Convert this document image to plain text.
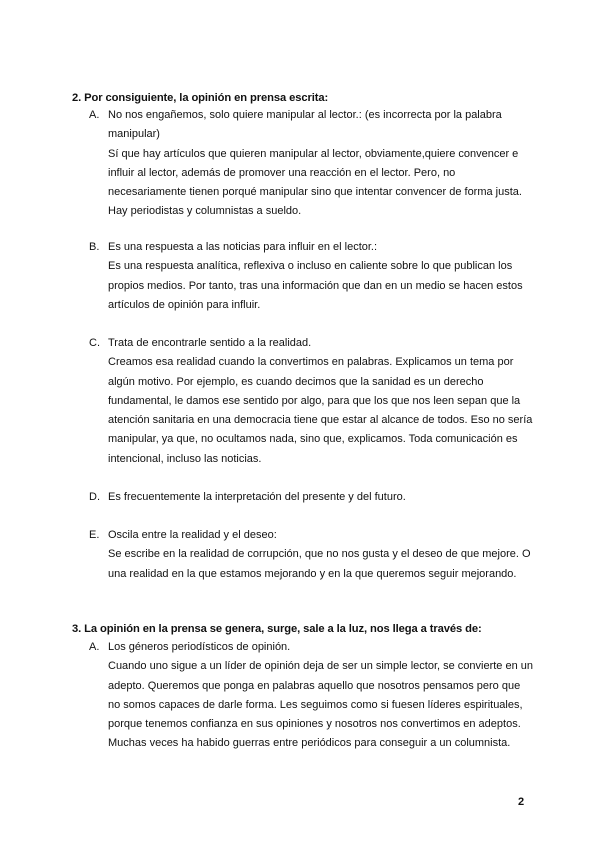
2. Por consiguiente, la opinión en prensa escrita:
A. No nos engañemos, solo quiere manipular al lector.: (es incorrecta por la palabra manipular)

Sí que hay artículos que quieren manipular al lector, obviamente,quiere convencer e influir al lector, además de promover una reacción en el lector. Pero, no necesariamente tienen porqué manipular sino que intentar convencer de forma justa. Hay periodistas y columnistas a sueldo.

B. Es una respuesta a las noticias para influir en el lector.:

Es una respuesta analítica, reflexiva o incluso en caliente sobre lo que publican los propios medios. Por tanto, tras una información que dan en un medio se hacen estos artículos de opinión para influir.

C. Trata de encontrarle sentido a la realidad.

Creamos esa realidad cuando la convertimos en palabras. Explicamos un tema por algún motivo. Por ejemplo, es cuando decimos que la sanidad es un derecho fundamental, le damos ese sentido por algo, para que los que nos leen sepan que la atención sanitaria en una democracia tiene que estar al alcance de todos. Eso no sería manipular, ya que, no ocultamos nada, sino que, explicamos. Toda comunicación es intencional, incluso las noticias.

D. Es frecuentemente la interpretación del presente y del futuro.

E. Oscila entre la realidad y el deseo:

Se escribe en la realidad de corrupción, que no nos gusta y el deseo de que mejore. O una realidad en la que estamos mejorando y en la que queremos seguir mejorando.

3. La opinión en la prensa se genera, surge, sale a la luz, nos llega a través de:
A. Los géneros periodísticos de opinión.

Cuando uno sigue a un líder de opinión deja de ser un simple lector, se convierte en un adepto. Queremos que ponga en palabras aquello que nosotros pensamos pero que no somos capaces de darle forma. Les seguimos como si fuesen líderes espirituales, porque tenemos confianza en sus opiniones y nosotros nos convertimos en adeptos. Muchas veces ha habido guerras entre periódicos para conseguir a un columnista.

2
